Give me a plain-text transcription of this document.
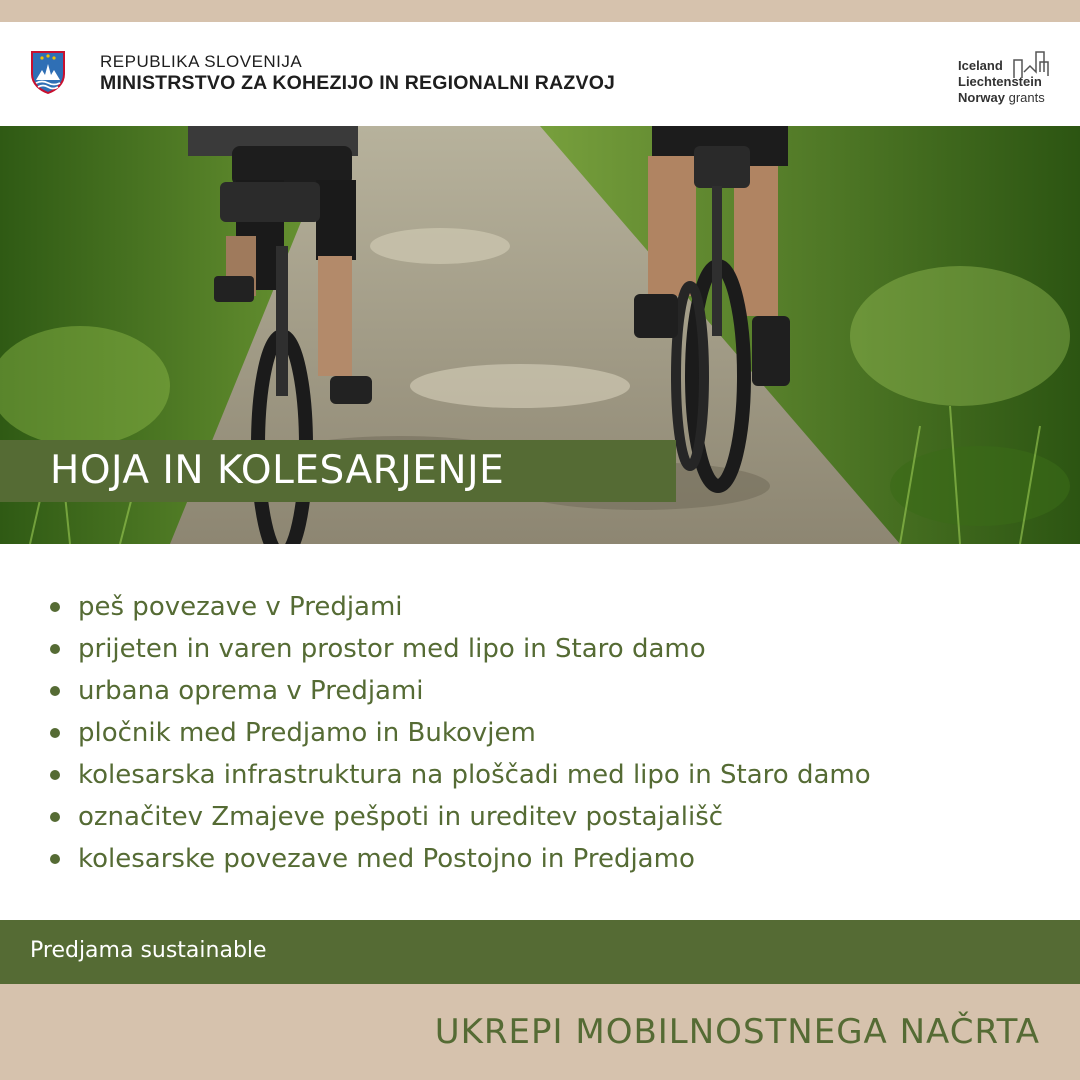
REPUBLIKA SLOVENIJA
MINISTRSTVO ZA KOHEZIJO IN REGIONALNI RAZVOJ
Iceland
Liechtenstein
Norway grants
HOJA IN KOLESARJENJE
peš povezave v Predjami
prijeten in varen prostor med lipo in Staro damo
urbana oprema v Predjami
pločnik med Predjamo in Bukovjem
kolesarska infrastruktura na ploščadi med lipo in Staro damo
označitev Zmajeve pešpoti in ureditev postajališč
kolesarske povezave med Postojno in Predjamo
Predjama sustainable
UKREPI MOBILNOSTNEGA NAČRTA
